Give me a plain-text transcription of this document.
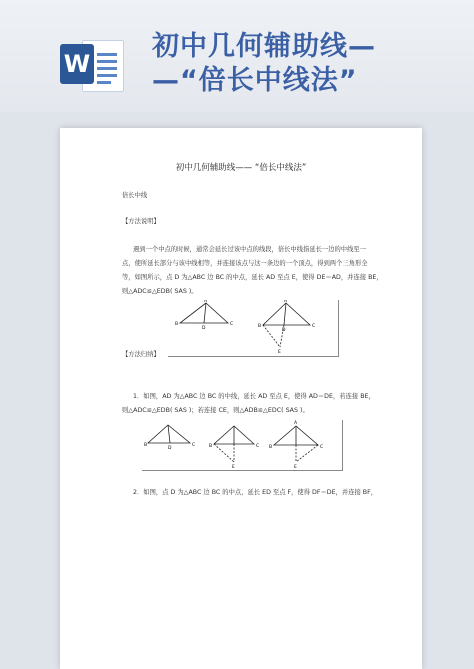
W
初中几何辅助线—
—“倍长中线法”
初中几何辅助线—— “倍长中线法”
倍长中线
【方法说明】
遇到一个中点的时候，通常会延长过该中点的线段，倍长中线指延长一边的中线至一
点，使所延长部分与该中线相等，并连接该点与这一条边的一个顶点，得到两个三角形全
等，如图所示，点 D 为△ABC 边 BC 的中点，延长 AD 至点 E，使得 DE＝AD，并连接 BE，
则△ADC≌△EDB( SAS )。
A
B	C
D
A
B	C
D
E
【方法归纳】
1．如图，AD 为△ABC 边 BC 的中线，延长 AD 至点 E，使得 AD＝DE，若连接 BE，
则△ADC≌△EDB( SAS )；若连接 CE，则△ADB≌△EDC( SAS )。
B	C
D	B	C
E
A
B	C
E
2．如图，点 D 为△ABC 边 BC 的中点，延长 ED 至点 F，使得 DF＝DE，并连接 BF，
